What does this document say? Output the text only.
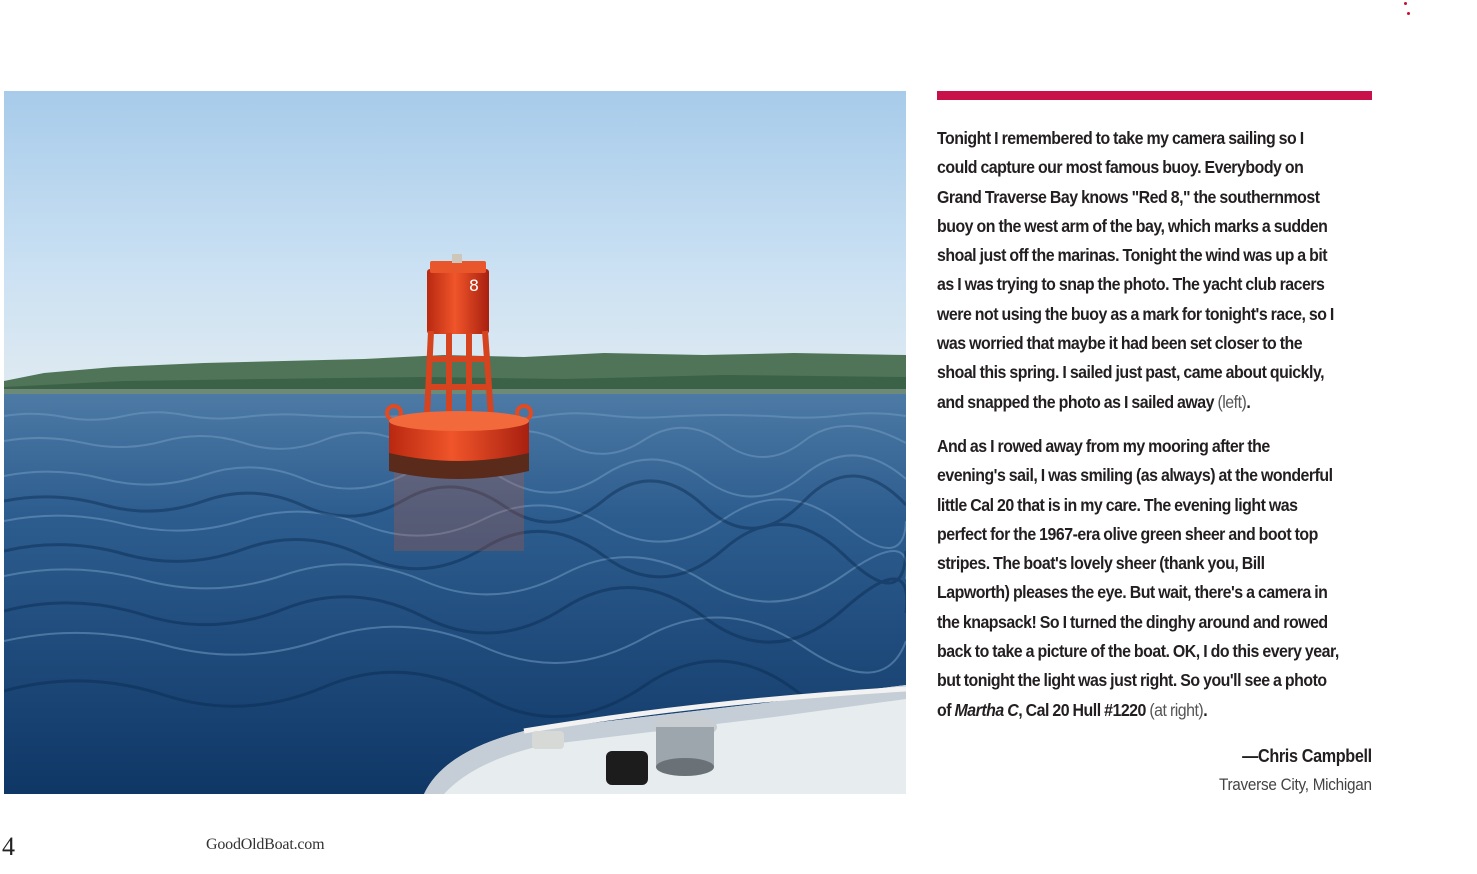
8

Tonight I remembered to take my camera sailing so I could capture our most famous buoy. Everybody on Grand Traverse Bay knows "Red 8," the southernmost buoy on the west arm of the bay, which marks a sudden shoal just off the marinas. Tonight the wind was up a bit as I was trying to snap the photo. The yacht club racers were not using the buoy as a mark for tonight's race, so I was worried that maybe it had been set closer to the shoal this spring. I sailed just past, came about quickly, and snapped the photo as I sailed away (left).

And as I rowed away from my mooring after the evening's sail, I was smiling (as always) at the wonderful little Cal 20 that is in my care. The evening light was perfect for the 1967-era olive green sheer and boot top stripes. The boat's lovely sheer (thank you, Bill Lapworth) pleases the eye. But wait, there's a camera in the knapsack! So I turned the dinghy around and rowed back to take a picture of the boat. OK, I do this every year, but tonight the light was just right. So you'll see a photo of Martha C, Cal 20 Hull #1220 (at right).

—Chris Campbell
Traverse City, Michigan
4	GoodOldBoat.com
